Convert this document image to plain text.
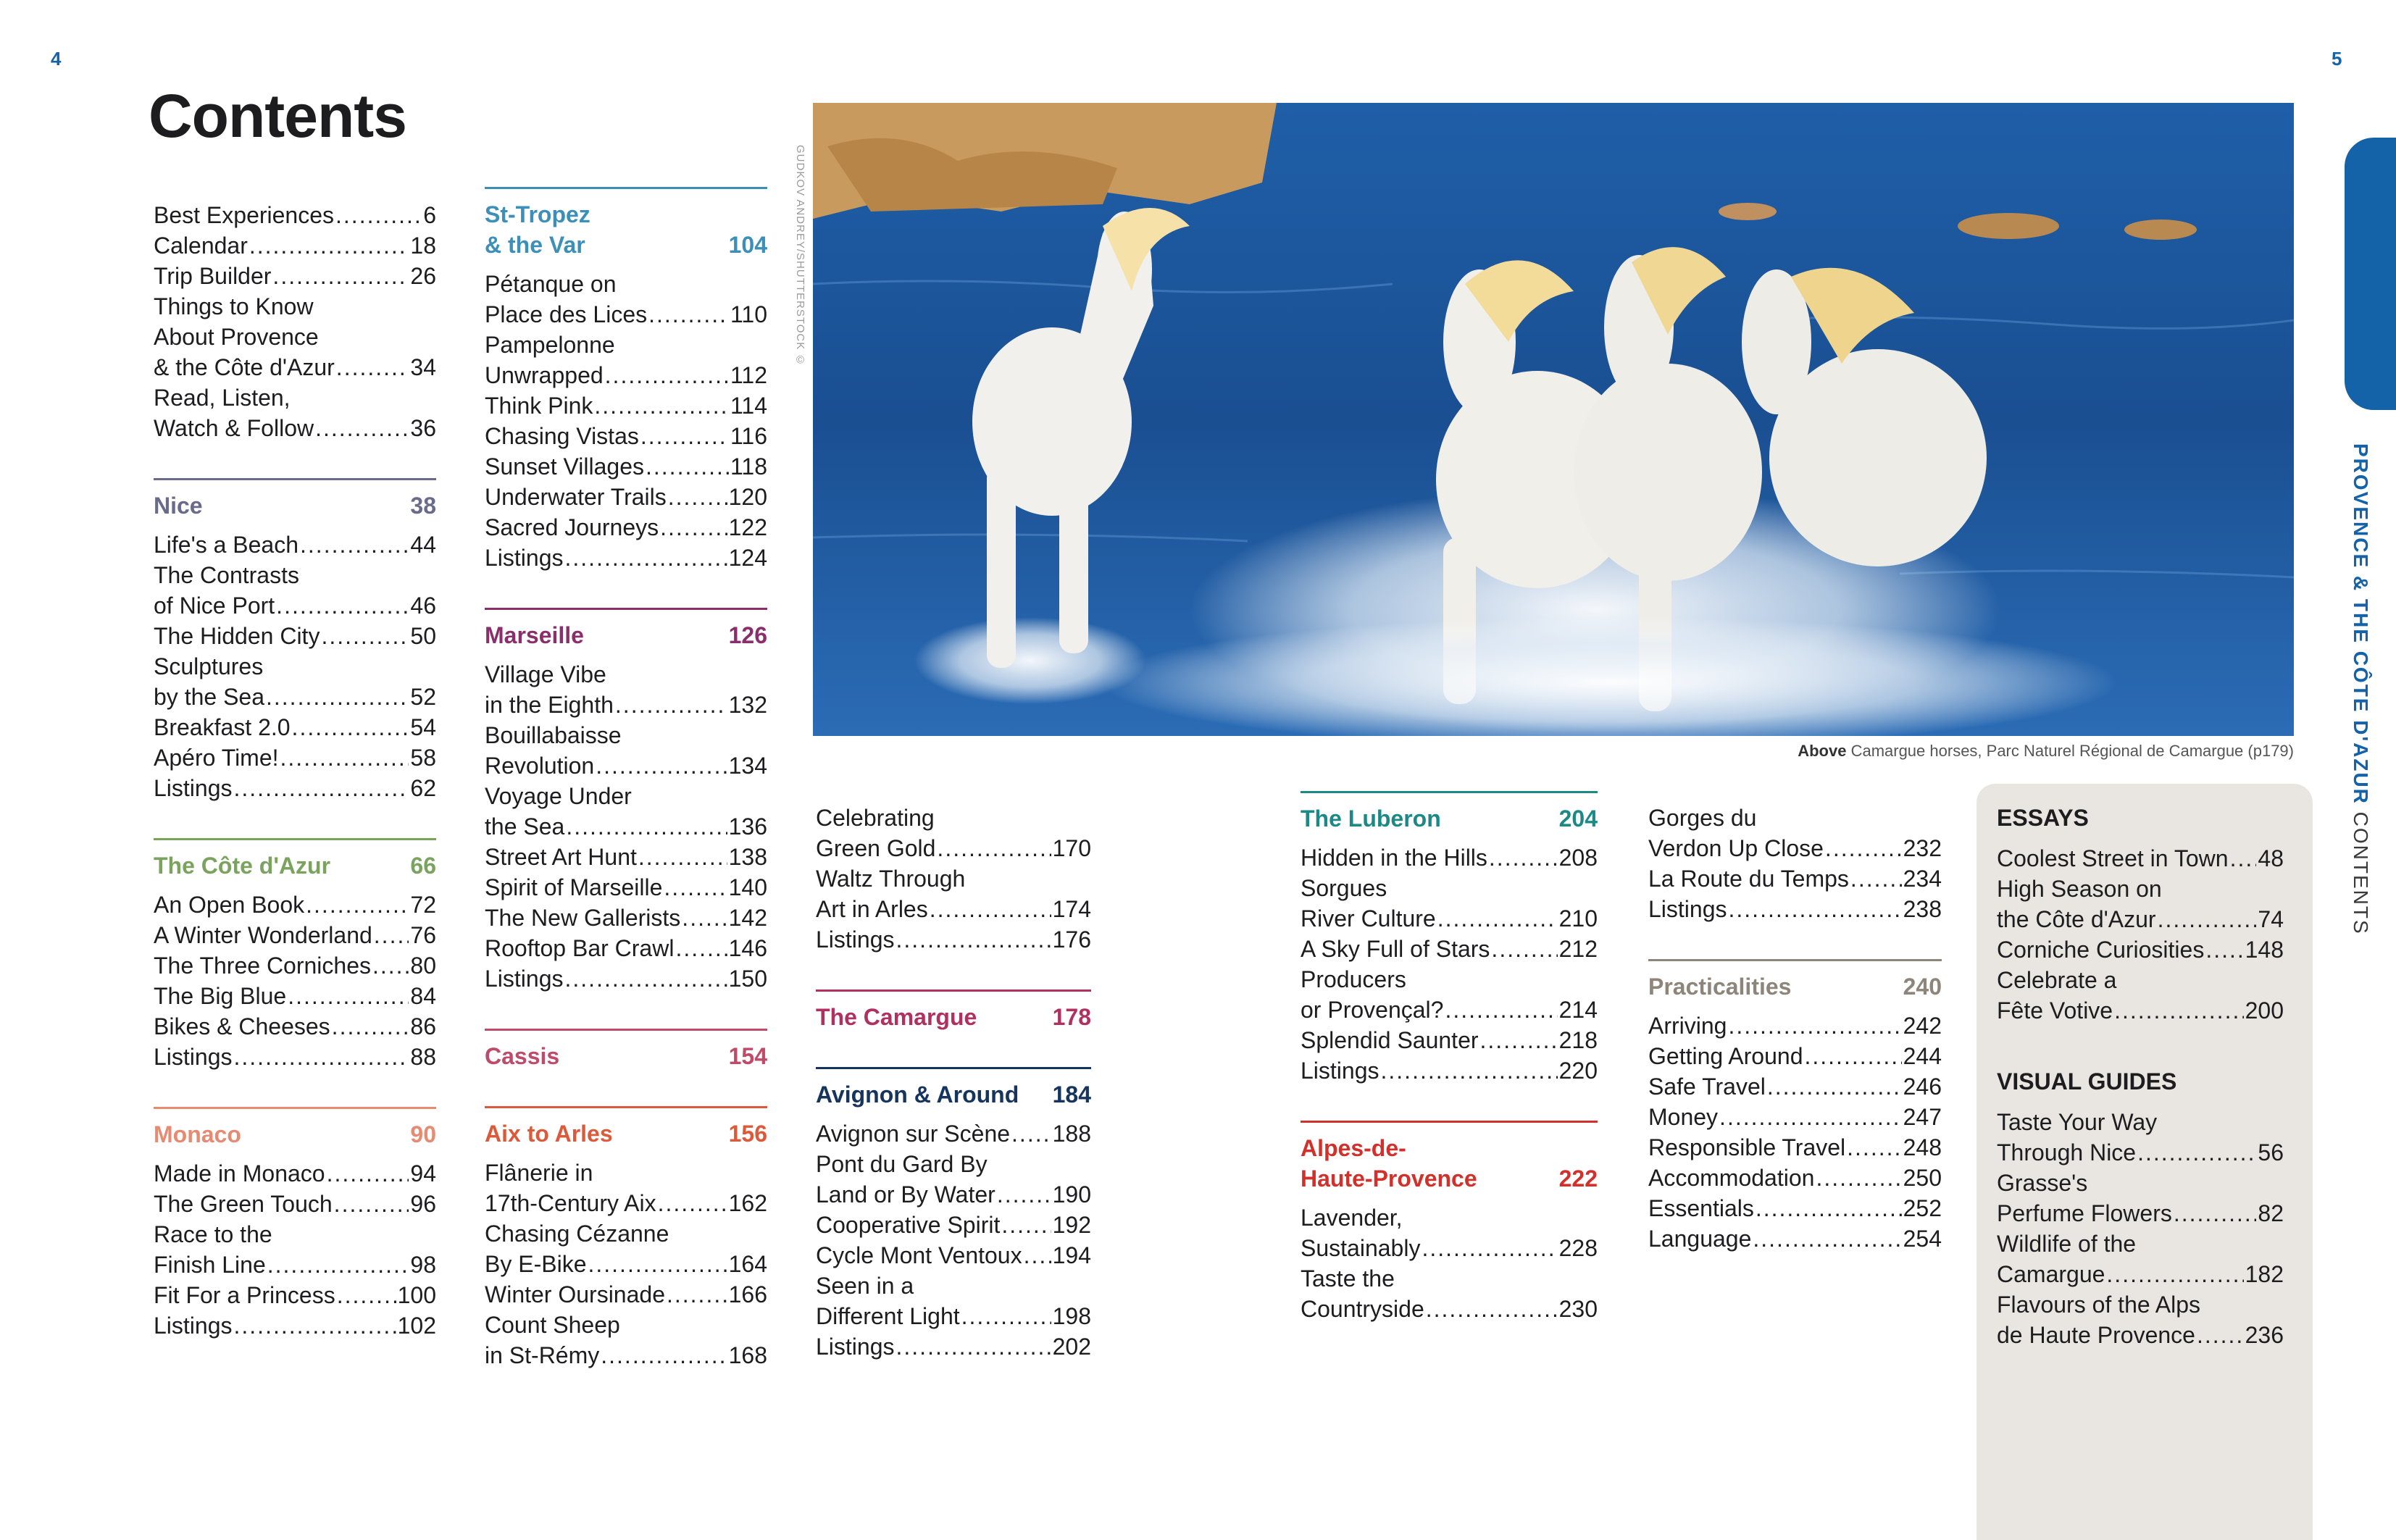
4	5
Contents
Best Experiences .....	6
Calendar .....	18
Trip Builder .....	26
Things to Know
About Provence
& the Côte d'Azur .....	34
Read, Listen,
Watch & Follow .....	36
Nice	38
Life's a Beach .....	44
The Contrasts
of Nice Port .....	46
The Hidden City .....	50
Sculptures
by the Sea .....	52
Breakfast 2.0 .....	54
Apéro Time! .....	58
Listings .....	62
The Côte d'Azur	66
An Open Book .....	72
A Winter Wonderland ..... 76
The Three Corniches ..... 80
The Big Blue .....	84
Bikes & Cheeses .....	86
Listings .....	88
Monaco	90
Made in Monaco .....	94
The Green Touch .....	96
Race to the
Finish Line .....	98
Fit For a Princess .....	100
Listings .....	102
St-Tropez
& the Var	104
Pétanque on
Place des Lices .....	110
Pampelonne
Unwrapped .....	112
Think Pink .....	114
Chasing Vistas .....	116
Sunset Villages .....	118
Underwater Trails .....	120
Sacred Journeys .....	122
Listings .....	124
Marseille	126
Village Vibe
in the Eighth .....	132
Bouillabaisse
Revolution .....	134
Voyage Under
the Sea .....	136
Street Art Hunt .....	138
Spirit of Marseille .....	140
The New Gallerists ..... 142
Rooftop Bar Crawl ..... 146
Listings .....	150
Cassis	154
Aix to Arles	156
Flânerie in
17th-Century Aix .....	162
Chasing Cézanne
By E-Bike .....	164
Winter Oursinade .....	166
Count Sheep
in St-Rémy .....	168
GUDKOV ANDREY/SHUTTERSTOCK ©
Above Camargue horses, Parc Naturel Régional de Camargue (p179)
Celebrating
Green Gold .....	170
Waltz Through
Art in Arles .....	174
Listings .....	176
The Camargue	178
Avignon & Around 184
Avignon sur Scène ..... 188
Pont du Gard By
Land or By Water ..... 190
Cooperative Spirit ..... 192
Cycle Mont Ventoux ..... 194
Seen in a
Different Light .....	198
Listings .....	202
The Luberon	204
Hidden in the Hills .....	208
Sorgues
River Culture .....	210
A Sky Full of Stars .....	212
Producers
or Provençal? .....	214
Splendid Saunter .....	218
Listings .....	220
Alpes-de-
Haute-Provence	222
Lavender,
Sustainably .....	228
Taste the
Countryside .....	230
Gorges du
Verdon Up Close .....	232
La Route du Temps ..... 234
Listings .....	238
Practicalities	240
Arriving .....	242
Getting Around .....	244
Safe Travel .....	246
Money .....	247
Responsible Travel ..... 248
Accommodation .....	250
Essentials .....	252
Language .....	254
ESSAYS
Coolest Street in Town ..... 48
High Season on
the Côte d'Azur .....	74
Corniche Curiosities ..... 148
Celebrate a
Fête Votive .....	200
VISUAL GUIDES
Taste Your Way
Through Nice .....	56
Grasse's
Perfume Flowers .....	82
Wildlife of the
Camargue .....	182
Flavours of the Alps
de Haute Provence ..... 236
PROVENCE & THE CÔTE D'AZUR CONTENTS
